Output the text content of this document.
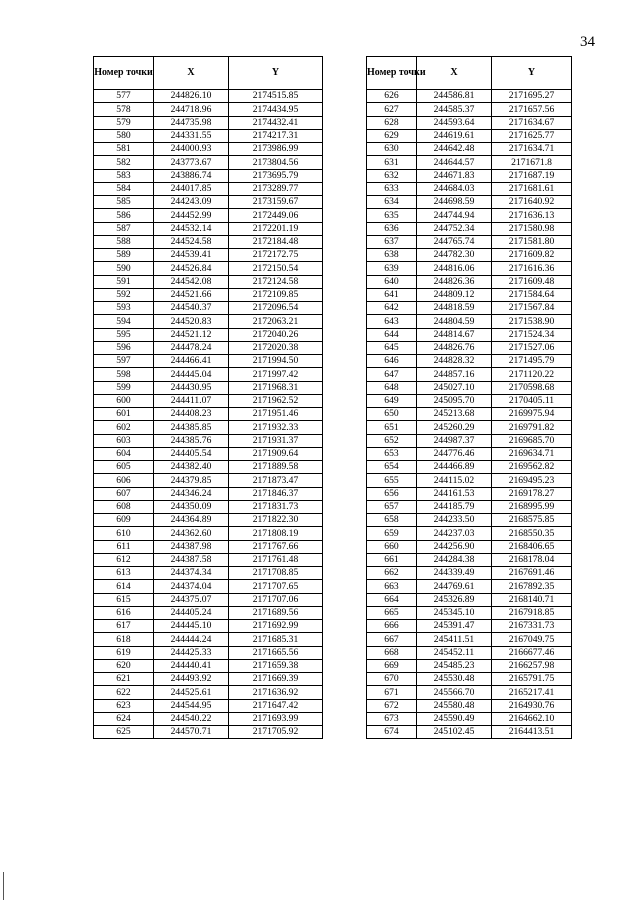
34
Номер точки	X	Y
577	244826.10	2174515.85
578	244718.96	2174434.95
579	244735.98	2174432.41
580	244331.55	2174217.31
581	244000.93	2173986.99
582	243773.67	2173804.56
583	243886.74	2173695.79
584	244017.85	2173289.77
585	244243.09	2173159.67
586	244452.99	2172449.06
587	244532.14	2172201.19
588	244524.58	2172184.48
589	244539.41	2172172.75
590	244526.84	2172150.54
591	244542.08	2172124.58
592	244521.66	2172109.85
593	244540.37	2172096.54
594	244520.83	2172063.21
595	244521.12	2172040.26
596	244478.24	2172020.38
597	244466.41	2171994.50
598	244445.04	2171997.42
599	244430.95	2171968.31
600	244411.07	2171962.52
601	244408.23	2171951.46
602	244385.85	2171932.33
603	244385.76	2171931.37
604	244405.54	2171909.64
605	244382.40	2171889.58
606	244379.85	2171873.47
607	244346.24	2171846.37
608	244350.09	2171831.73
609	244364.89	2171822.30
610	244362.60	2171808.19
611	244387.98	2171767.66
612	244387.58	2171761.48
613	244374.34	2171708.85
614	244374.04	2171707.65
615	244375.07	2171707.06
616	244405.24	2171689.56
617	244445.10	2171692.99
618	244444.24	2171685.31
619	244425.33	2171665.56
620	244440.41	2171659.38
621	244493.92	2171669.39
622	244525.61	2171636.92
623	244544.95	2171647.42
624	244540.22	2171693.99
625	244570.71	2171705.92
Номер точки	X	Y
626	244586.81	2171695.27
627	244585.37	2171657.56
628	244593.64	2171634.67
629	244619.61	2171625.77
630	244642.48	2171634.71
631	244644.57	2171671.8
632	244671.83	2171687.19
633	244684.03	2171681.61
634	244698.59	2171640.92
635	244744.94	2171636.13
636	244752.34	2171580.98
637	244765.74	2171581.80
638	244782.30	2171609.82
639	244816.06	2171616.36
640	244826.36	2171609.48
641	244809.12	2171584.64
642	244818.59	2171567.84
643	244804.59	2171538.90
644	244814.67	2171524.34
645	244826.76	2171527.06
646	244828.32	2171495.79
647	244857.16	2171120.22
648	245027.10	2170598.68
649	245095.70	2170405.11
650	245213.68	2169975.94
651	245260.29	2169791.82
652	244987.37	2169685.70
653	244776.46	2169634.71
654	244466.89	2169562.82
655	244115.02	2169495.23
656	244161.53	2169178.27
657	244185.79	2168995.99
658	244233.50	2168575.85
659	244237.03	2168550.35
660	244256.90	2168406.65
661	244284.38	2168178.04
662	244339.49	2167691.46
663	244769.61	2167892.35
664	245326.89	2168140.71
665	245345.10	2167918.85
666	245391.47	2167331.73
667	245411.51	2167049.75
668	245452.11	2166677.46
669	245485.23	2166257.98
670	245530.48	2165791.75
671	245566.70	2165217.41
672	245580.48	2164930.76
673	245590.49	2164662.10
674	245102.45	2164413.51
